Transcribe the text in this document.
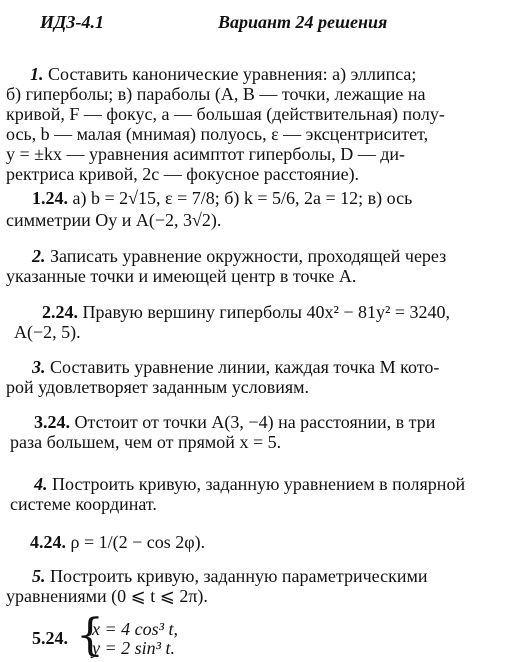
ИДЗ-4.1	Вариант 24 решения
1. Составить канонические уравнения: а) эллипса;
б) гиперболы; в) параболы (A, B — точки, лежащие на
кривой, F — фокус, a — большая (действительная) полу-
ось, b — малая (мнимая) полуось, ε — эксцентриситет,
y = ±kx — уравнения асимптот гиперболы, D — ди-
ректриса кривой, 2c — фокусное расстояние).
1.24. а) b = 2√15, ε = 7/8; б) k = 5/6, 2a = 12; в) ось
симметрии Oy и A(−2, 3√2).
2. Записать уравнение окружности, проходящей через
указанные точки и имеющей центр в точке A.
2.24. Правую вершину гиперболы 40x² − 81y² = 3240,
A(−2, 5).
3. Составить уравнение линии, каждая точка M кото-
рой удовлетворяет заданным условиям.
3.24. Отстоит от точки A(3, −4) на расстоянии, в три
раза большем, чем от прямой x = 5.
4. Построить кривую, заданную уравнением в полярной
системе координат.
4.24. ρ = 1/(2 − cos 2φ).
5. Построить кривую, заданную параметрическими
уравнениями (0 ⩽ t ⩽ 2π).
5.24. {
x = 4 cos³ t,
y = 2 sin³ t.
